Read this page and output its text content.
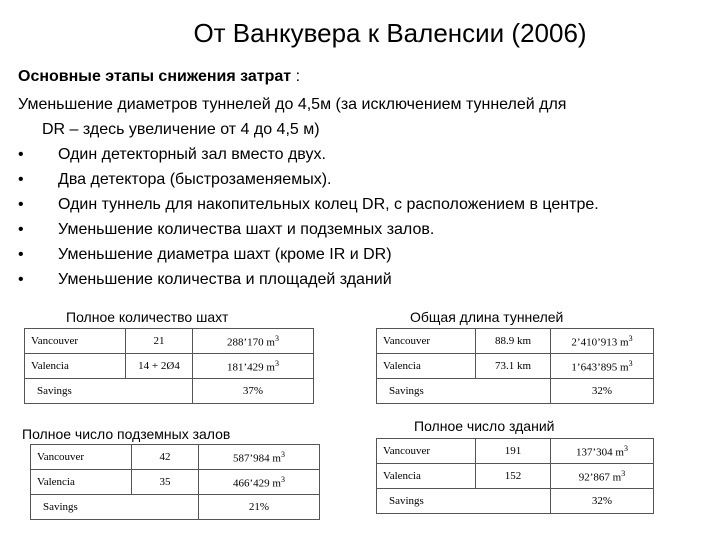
От Ванкувера к Валенсии (2006)
Основные этапы снижения затрат :
Уменьшение диаметров туннелей до 4,5м (за исключением туннелей для
DR – здесь увеличение от 4 до 4,5 м)
•	Один детекторный зал вместо двух.
•	Два детектора (быстрозаменяемых).
•	Один туннель для накопительных колец DR, с расположением в центре.
•	Уменьшение количества шахт и подземных залов.
•	Уменьшение диаметра шахт (кроме IR и DR)
•	Уменьшение количества и площадей зданий
Полное количество шахт
Vancouver	21	288’170 $m^3$
Valencia	14 + 2Ø4	181’429 $m^3$
Savings		37%
Общая длина туннелей
Vancouver	88.9 km	2’410’913 $m^3$
Valencia	73.1 km	1’643’895 $m^3$
Savings		32%
Полное число подземных залов
Vancouver	42	587’984 $m^3$
Valencia	35	466’429 $m^3$
Savings		21%
Полное число зданий
Vancouver	191	137’304 $m^3$
Valencia	152	92’867 $m^3$
Savings		32%
